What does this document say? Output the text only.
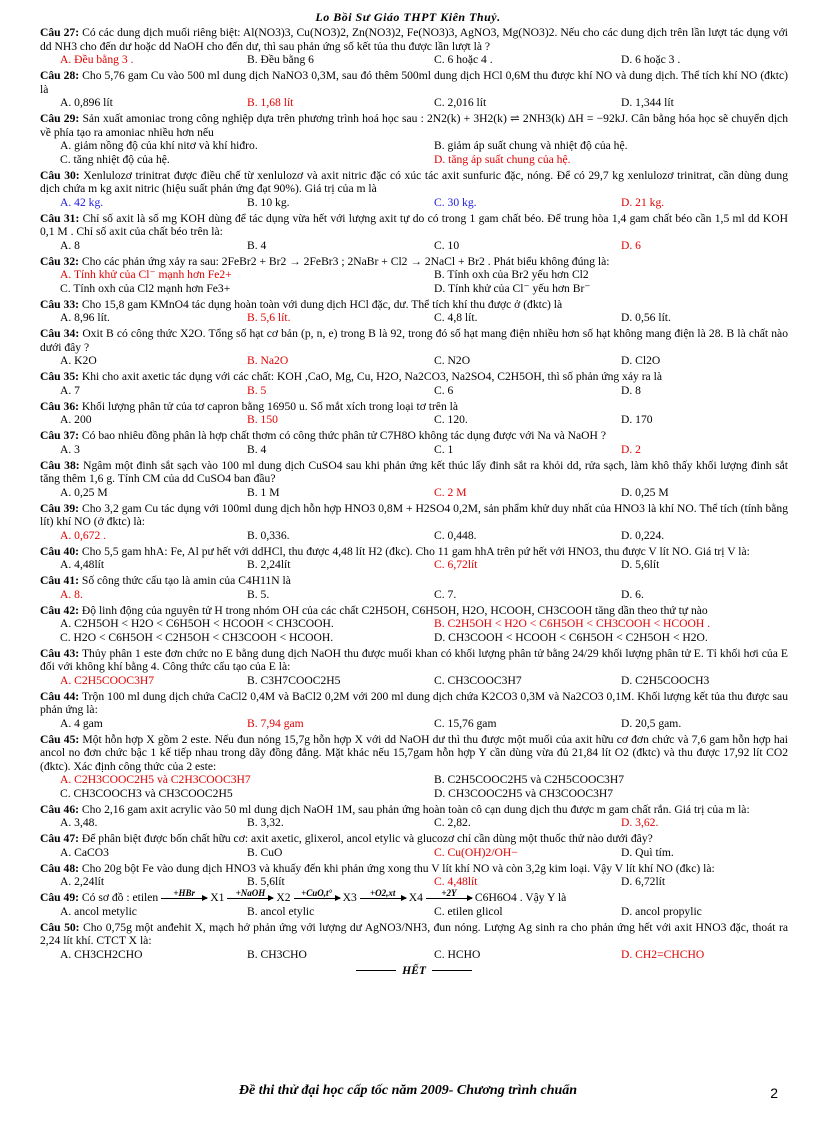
Lo Bồi Sư Giáo THPT Kiên Thuỷ.
Câu 27: Có các dung dịch muối riêng biệt: Al(NO3)3, Cu(NO3)2, Zn(NO3)2, Fe(NO3)3, AgNO3, Mg(NO3)2. Nếu cho các dung dịch trên lần lượt tác dụng với dd NH3 cho đến dư hoặc dd NaOH cho đến dư, thì sau phản ứng số kết tủa thu được lần lượt là ?
A. Đều bằng 3 .	B. Đều bằng 6	C. 6 hoặc 4 .	D. 6 hoặc 3 .
Câu 28: Cho 5,76 gam Cu vào 500 ml dung dịch NaNO3 0,3M, sau đó thêm 500ml dung dịch HCl 0,6M thu được khí NO và dung dịch. Thể tích khí NO (đktc) là
A. 0,896 lít	B. 1,68 lít	C. 2,016 lít	D. 1,344 lít
Câu 29: Sản xuất amoniac trong công nghiệp dựa trên phương trình hoá học sau : 2N2(k) + 3H2(k) ⇌ 2NH3(k) ΔH = −92kJ. Cân bằng hóa học sẽ chuyển dịch về phía tạo ra amoniac nhiều hơn nếu
A. giảm nồng độ của khí nitơ và khí hiđro.	B. giảm áp suất chung và nhiệt độ của hệ.
C. tăng nhiệt độ của hệ.	D. tăng áp suất chung của hệ.
Câu 30: Xenlulozơ trinitrat được điều chế từ xenlulozơ và axit nitric đặc có xúc tác axit sunfuric đặc, nóng. Để có 29,7 kg xenlulozơ trinitrat, cần dùng dung dịch chứa m kg axit nitric (hiệu suất phản ứng đạt 90%). Giá trị của m là
A. 42 kg.	B. 10 kg.	C. 30 kg.	D. 21 kg.
Câu 31: Chỉ số axit là số mg KOH dùng để tác dụng vừa hết với lượng axit tự do có trong 1 gam chất béo. Để trung hòa 1,4 gam chất béo cần 1,5 ml dd KOH 0,1 M . Chỉ số axit của chất béo trên là:
A. 8	B. 4	C. 10	D. 6
Câu 32: Cho các phản ứng xảy ra sau: 2FeBr2 + Br2 → 2FeBr3 ; 2NaBr + Cl2 → 2NaCl + Br2 . Phát biểu không đúng là:
A. Tính khử của Cl⁻ mạnh hơn Fe2+	B. Tính oxh của Br2 yếu hơn Cl2
C. Tính oxh của Cl2 mạnh hơn Fe3+	D. Tính khử của Cl⁻ yếu hơn Br⁻
Câu 33: Cho 15,8 gam KMnO4 tác dụng hoàn toàn với dung dịch HCl đặc, dư. Thể tích khí thu được ở (đktc) là
A. 8,96 lít.	B. 5,6 lít.	C. 4,8 lít.	D. 0,56 lít.
Câu 34: Oxit B có công thức X2O. Tổng số hạt cơ bản (p, n, e) trong B là 92, trong đó số hạt mang điện nhiều hơn số hạt không mang điện là 28. B là chất nào dưới đây ?
A. K2O	B. Na2O	C. N2O	D. Cl2O
Câu 35: Khi cho axit axetic tác dụng với các chất: KOH ,CaO, Mg, Cu, H2O, Na2CO3, Na2SO4, C2H5OH, thì số phản ứng xảy ra là
A. 7	B. 5	C. 6	D. 8
Câu 36: Khối lượng phân tử của tơ capron bằng 16950 u. Số mắt xích trong loại tơ trên là
A. 200	B. 150	C. 120.	D. 170
Câu 37: Có bao nhiêu đồng phân là hợp chất thơm có công thức phân tử C7H8O không tác dụng được với Na và NaOH ?
A. 3	B. 4	C. 1	D. 2
Câu 38: Ngâm một đinh sắt sạch vào 100 ml dung dịch CuSO4 sau khi phản ứng kết thúc lấy đinh sắt ra khỏi dd, rửa sạch, làm khô thấy khối lượng đinh sắt tăng thêm 1,6 g. Tính CM của dd CuSO4 ban đầu?
A. 0,25 M	B. 1 M	C. 2 M	D. 0,25 M
Câu 39: Cho 3,2 gam Cu tác dụng với 100ml dung dịch hỗn hợp HNO3 0,8M + H2SO4 0,2M, sản phẩm khử duy nhất của HNO3 là khí NO. Thể tích (tính bằng lít) khí NO (ở đktc) là:
A. 0,672 .	B. 0,336.	C. 0,448.	D. 0,224.
Câu 40: Cho 5,5 gam hhA: Fe, Al pư hết với ddHCl, thu được 4,48 lít H2 (đkc). Cho 11 gam hhA trên pứ hết với HNO3, thu được V lít NO. Giá trị V là:
A. 4,48lít	B. 2,24lít	C. 6,72lít	D. 5,6lít
Câu 41: Số công thức cấu tạo là amin của C4H11N là
A. 8.	B. 5.	C. 7.	D. 6.
Câu 42: Độ linh động của nguyên tử H trong nhóm OH của các chất C2H5OH, C6H5OH, H2O, HCOOH, CH3COOH tăng dần theo thứ tự nào
A. C2H5OH < H2O < C6H5OH < HCOOH < CH3COOH.	B. C2H5OH < H2O < C6H5OH < CH3COOH < HCOOH .
C. H2O < C6H5OH < C2H5OH < CH3COOH < HCOOH.	D. CH3COOH < HCOOH < C6H5OH < C2H5OH < H2O.
Câu 43: Thủy phân 1 este đơn chức no E bằng dung dịch NaOH thu được muối khan có khối lượng phân tử bằng 24/29 khối lượng phân tử E. Tỉ khối hơi của E đối với không khí bằng 4. Công thức cấu tạo của E là:
A. C2H5COOC3H7	B. C3H7COOC2H5	C. CH3COOC3H7	D. C2H5COOCH3
Câu 44: Trộn 100 ml dung dịch chứa CaCl2 0,4M và BaCl2 0,2M với 200 ml dung dịch chứa K2CO3 0,3M và Na2CO3 0,1M. Khối lượng kết tủa thu được sau phản ứng là:
A. 4 gam	B. 7,94 gam	C. 15,76 gam	D. 20,5 gam.
Câu 45: Một hỗn hợp X gồm 2 este. Nếu đun nóng 15,7g hỗn hợp X với dd NaOH dư thì thu được một muối của axit hữu cơ đơn chức và 7,6 gam hỗn hợp hai ancol no đơn chức bậc 1 kế tiếp nhau trong dãy đồng đẳng. Mặt khác nếu 15,7gam hỗn hợp Y cần dùng vừa đủ 21,84 lít O2 (đktc) và thu được 17,92 lít CO2 (đktc). Xác định công thức của 2 este:
A. C2H3COOC2H5 và C2H3COOC3H7	B. C2H5COOC2H5 và C2H5COOC3H7
C. CH3COOCH3 và CH3COOC2H5	D. CH3COOC2H5 và CH3COOC3H7
Câu 46: Cho 2,16 gam axit acrylic vào 50 ml dung dịch NaOH 1M, sau phản ứng hoàn toàn cô cạn dung dịch thu được m gam chất rắn. Giá trị của m là:
A. 3,48.	B. 3,32.	C. 2,82.	D. 3,62.
Câu 47: Để phân biệt được bốn chất hữu cơ: axit axetic, glixerol, ancol etylic và glucozơ chỉ cần dùng một thuốc thử nào dưới đây?
A. CaCO3	B. CuO	C. Cu(OH)2/OH−	D. Quì tím.
Câu 48: Cho 20g bột Fe vào dung dịch HNO3 và khuấy đến khi phản ứng xong thu V lít khí NO và còn 3,2g kim loại. Vậy V lít khí NO (đkc) là:
A. 2,24lít	B. 5,6lít	C. 4,48lít	D. 6,72lít
Câu 49: Có sơ đồ : etilen	+HBr	X1	+NaOH X2	+CuO,t° X3	+O2,xt	X4	+2Y	C6H6O4 . Vậy Y là
A. ancol metylic	B. ancol etylic	C. etilen glicol	D. ancol propylic
Câu 50: Cho 0,75g một anđehit X, mạch hở phản ứng với lượng dư AgNO3/NH3, đun nóng. Lượng Ag sinh ra cho phản ứng hết với axit HNO3 đặc, thoát ra 2,24 lít khí. CTCT X là:
A. CH3CH2CHO	B. CH3CHO	C. HCHO	D. CH2=CHCHO
HẾT
Đề thi thử đại học cấp tốc năm 2009- Chương trình chuẩn	2
